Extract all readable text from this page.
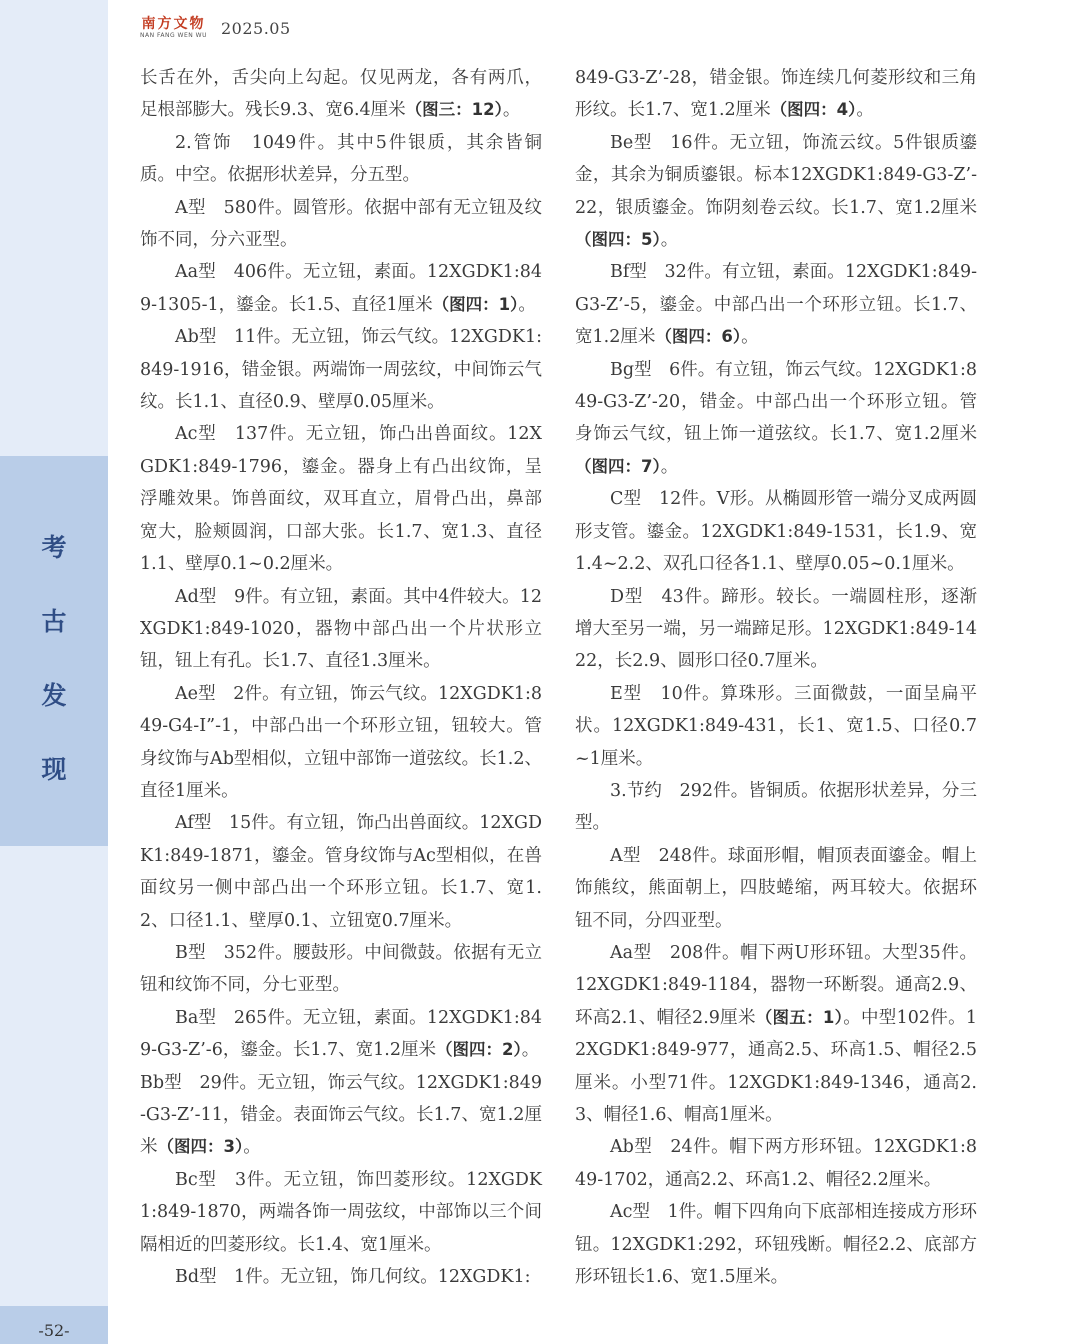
考
古
发
现
-52-
南方文物
NAN FANG WEN WU 2025.05

长舌在外，舌尖向上勾起。仅见两龙，各有两爪，足根部膨大。残长9.3、宽6.4厘米（图三：12）。

2.管饰　1049件。其中5件银质，其余皆铜质。中空。依据形状差异，分五型。

A型　580件。圆管形。依据中部有无立钮及纹饰不同，分六亚型。

Aa型　406件。无立钮，素面。12XGDK1:849-1305-1，鎏金。长1.5、直径1厘米（图四：1）。

Ab型　11件。无立钮，饰云气纹。12XGDK1:849-1916，错金银。两端饰一周弦纹，中间饰云气纹。长1.1、直径0.9、壁厚0.05厘米。

Ac型　137件。无立钮，饰凸出兽面纹。12XGDK1:849-1796，鎏金。器身上有凸出纹饰，呈浮雕效果。饰兽面纹，双耳直立，眉骨凸出，鼻部宽大，脸颊圆润，口部大张。长1.7、宽1.3、直径1.1、壁厚0.1~0.2厘米。

Ad型　9件。有立钮，素面。其中4件较大。12XGDK1:849-1020，器物中部凸出一个片状形立钮，钮上有孔。长1.7、直径1.3厘米。

Ae型　2件。有立钮，饰云气纹。12XGDK1:849-G4-I”-1，中部凸出一个环形立钮，钮较大。管身纹饰与Ab型相似，立钮中部饰一道弦纹。长1.2、直径1厘米。

Af型　15件。有立钮，饰凸出兽面纹。12XGDK1:849-1871，鎏金。管身纹饰与Ac型相似，在兽面纹另一侧中部凸出一个环形立钮。长1.7、宽1.2、口径1.1、壁厚0.1、立钮宽0.7厘米。

B型　352件。腰鼓形。中间微鼓。依据有无立钮和纹饰不同，分七亚型。

Ba型　265件。无立钮，素面。12XGDK1:849-G3-Z’-6，鎏金。长1.7、宽1.2厘米（图四：2）。

Bb型　29件。无立钮，饰云气纹。12XGDK1:849-G3-Z’-11，错金。表面饰云气纹。长1.7、宽1.2厘米（图四：3）。

Bc型　3件。无立钮，饰凹菱形纹。12XGDK1:849-1870，两端各饰一周弦纹，中部饰以三个间隔相近的凹菱形纹。长1.4、宽1厘米。

Bd型　1件。无立钮，饰几何纹。12XGDK1:

849-G3-Z’-28，错金银。饰连续几何菱形纹和三角形纹。长1.7、宽1.2厘米（图四：4）。

Be型　16件。无立钮，饰流云纹。5件银质鎏金，其余为铜质鎏银。标本12XGDK1:849-G3-Z’-22，银质鎏金。饰阴刻卷云纹。长1.7、宽1.2厘米（图四：5）。

Bf型　32件。有立钮，素面。12XGDK1:849-G3-Z’-5，鎏金。中部凸出一个环形立钮。长1.7、宽1.2厘米（图四：6）。

Bg型　6件。有立钮，饰云气纹。12XGDK1:849-G3-Z’-20，错金。中部凸出一个环形立钮。管身饰云气纹，钮上饰一道弦纹。长1.7、宽1.2厘米（图四：7）。

C型　12件。V形。从椭圆形管一端分叉成两圆形支管。鎏金。12XGDK1:849-1531，长1.9、宽1.4~2.2、双孔口径各1.1、壁厚0.05~0.1厘米。

D型　43件。蹄形。较长。一端圆柱形，逐渐增大至另一端，另一端蹄足形。12XGDK1:849-1422，长2.9、圆形口径0.7厘米。

E型　10件。算珠形。三面微鼓，一面呈扁平状。12XGDK1:849-431，长1、宽1.5、口径0.7~1厘米。

3.节约　292件。皆铜质。依据形状差异，分三型。

A型　248件。球面形帽，帽顶表面鎏金。帽上饰熊纹，熊面朝上，四肢蜷缩，两耳较大。依据环钮不同，分四亚型。

Aa型　208件。帽下两U形环钮。大型35件。12XGDK1:849-1184，器物一环断裂。通高2.9、环高2.1、帽径2.9厘米（图五：1）。中型102件。12XGDK1:849-977，通高2.5、环高1.5、帽径2.5厘米。小型71件。12XGDK1:849-1346，通高2.3、帽径1.6、帽高1厘米。

Ab型　24件。帽下两方形环钮。12XGDK1:849-1702，通高2.2、环高1.2、帽径2.2厘米。

Ac型　1件。帽下四角向下底部相连接成方形环钮。12XGDK1:292，环钮残断。帽径2.2、底部方形环钮长1.6、宽1.5厘米。
